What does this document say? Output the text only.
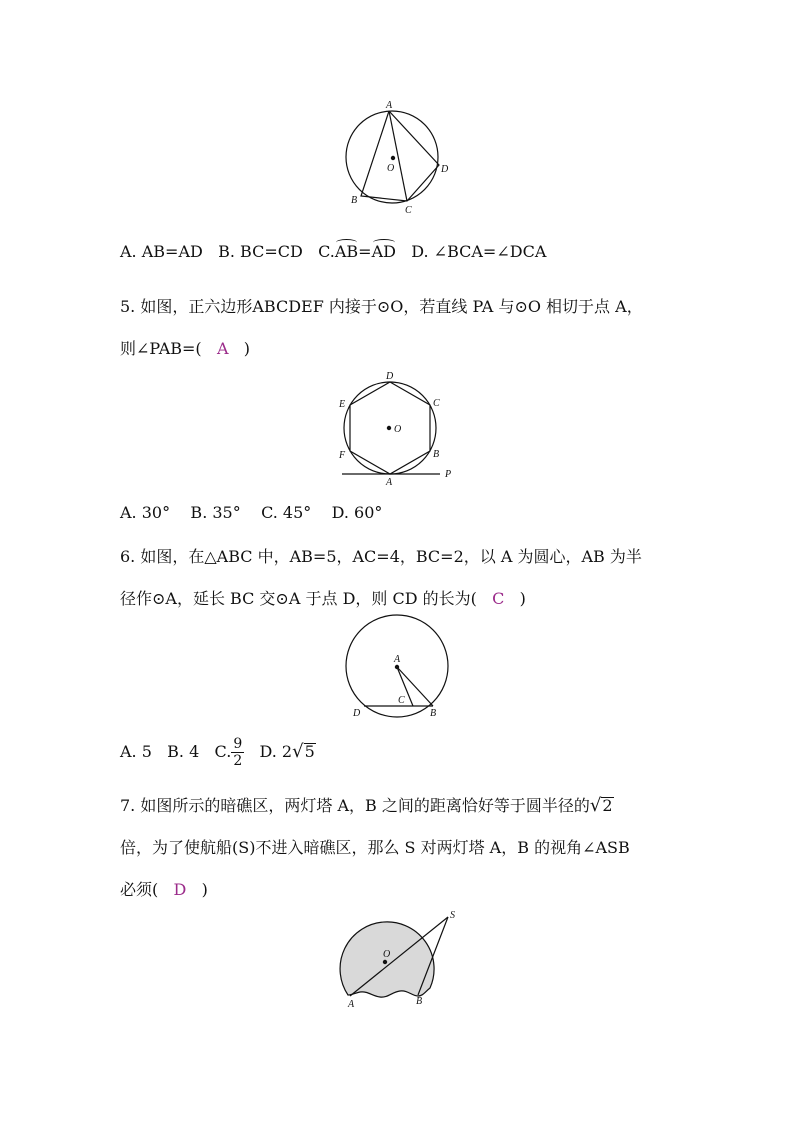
A
O	D
B
C
A. AB=AD B. BC=CD C.AB=AD D. ∠BCA=∠DCA
5. 如图，正六边形ABCDEF 内接于⊙O，若直线 PA 与⊙O 相切于点 A，
则∠PAB=( A )
D
E	C
O
F	B
A
P
A. 30°    B. 35°    C. 45°    D. 60°
6. 如图，在△ABC 中，AB=5，AC=4，BC=2，以 A 为圆心，AB 为半
径作⊙A，延长 BC 交⊙A 于点 D，则 CD 的长为( C )
A
C
D	B
A. 5 B. 4 C. $\frac{9}{2} D$. 2√5
7. 如图所示的暗礁区，两灯塔 A，B 之间的距离恰好等于圆半径的√2
倍，为了使航船(S)不进入暗礁区，那么 S 对两灯塔 A，B 的视角∠ASB
必须( D )
S
O
A	B
